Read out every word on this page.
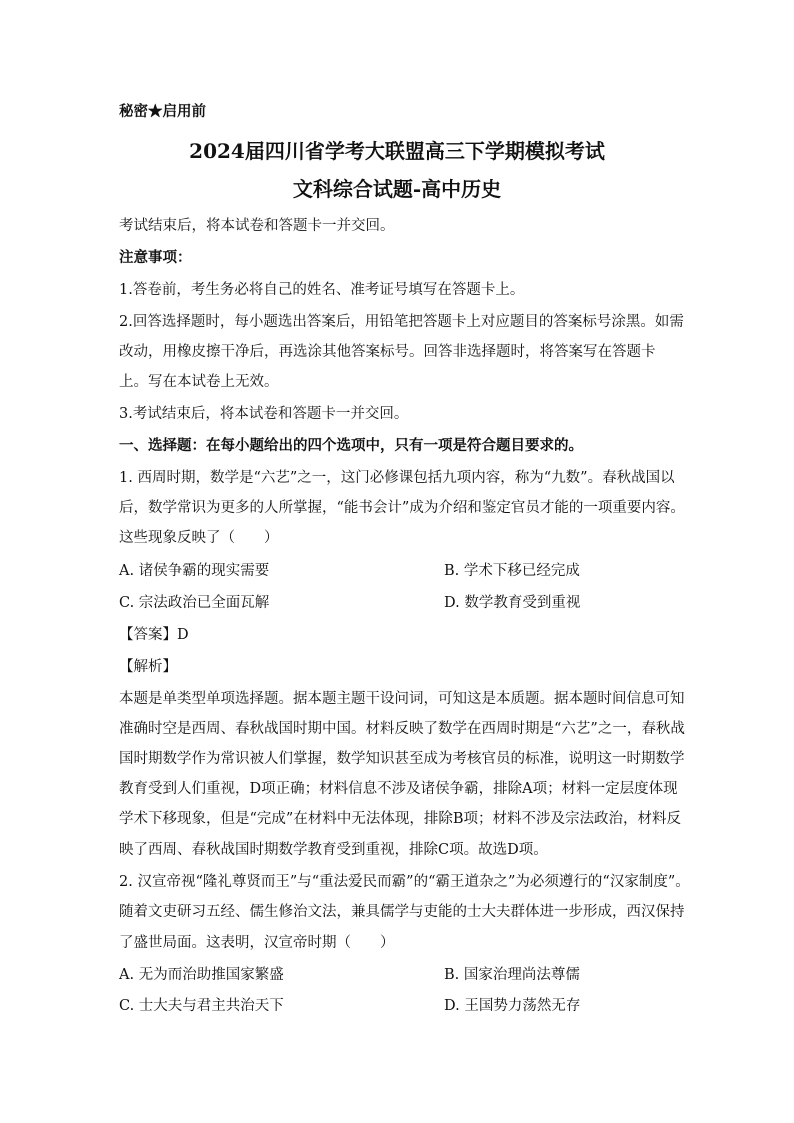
秘密★启用前
2024届四川省学考大联盟高三下学期模拟考试
文科综合试题-高中历史
考试结束后，将本试卷和答题卡一并交回。
注意事项：
1.答卷前，考生务必将自己的姓名、准考证号填写在答题卡上。
2.回答选择题时，每小题选出答案后，用铅笔把答题卡上对应题目的答案标号涂黑。如需
改动，用橡皮擦干净后，再选涂其他答案标号。回答非选择题时，将答案写在答题卡
上。写在本试卷上无效。
3.考试结束后，将本试卷和答题卡一并交回。
一、选择题：在每小题给出的四个选项中，只有一项是符合题目要求的。
1. 西周时期，数学是“六艺”之一，这门必修课包括九项内容，称为“九数”。春秋战国以
后，数学常识为更多的人所掌握，“能书会计”成为介绍和鉴定官员才能的一项重要内容。
这些现象反映了（　　）
A. 诸侯争霸的现实需要	B. 学术下移已经完成
C. 宗法政治已全面瓦解	D. 数学教育受到重视
【答案】D
【解析】
本题是单类型单项选择题。据本题主题干设问词，可知这是本质题。据本题时间信息可知
准确时空是西周、春秋战国时期中国。材料反映了数学在西周时期是“六艺”之一，春秋战
国时期数学作为常识被人们掌握，数学知识甚至成为考核官员的标准，说明这一时期数学
教育受到人们重视，D项正确；材料信息不涉及诸侯争霸，排除A项；材料一定层度体现
学术下移现象，但是“完成”在材料中无法体现，排除B项；材料不涉及宗法政治，材料反
映了西周、春秋战国时期数学教育受到重视，排除C项。故选D项。
2. 汉宣帝视“隆礼尊贤而王”与“重法爱民而霸”的“霸王道杂之”为必须遵行的“汉家制度”。
随着文吏研习五经、儒生修治文法，兼具儒学与吏能的士大夫群体进一步形成，西汉保持
了盛世局面。这表明，汉宣帝时期（　　）
A. 无为而治助推国家繁盛	B. 国家治理尚法尊儒
C. 士大夫与君主共治天下	D. 王国势力荡然无存
